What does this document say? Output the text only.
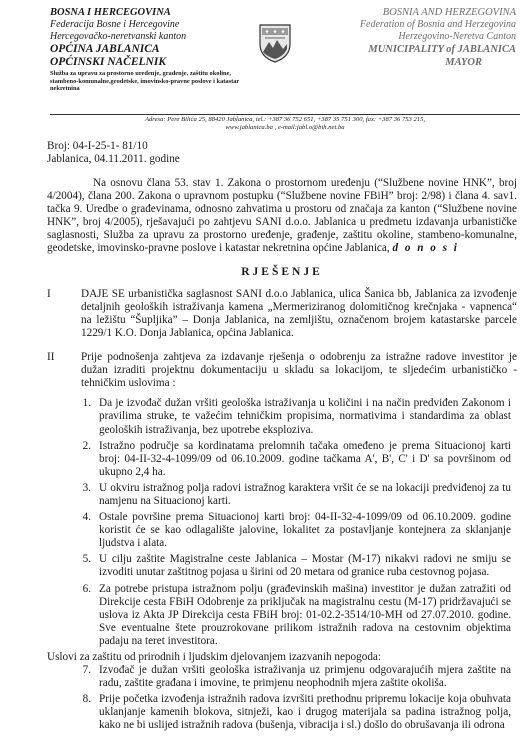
BOSNA I HERCEGOVINA
Federacija Bosne i Hercegovine
Hercegovačko-neretvanski kanton
OPĆINA JABLANICA
OPĆINSKI NAČELNIK
Služba za upravu za prostorno uređenje, građenje, zaštitu okoline, stambeno-komunalne,geodetske, imovinsko-pravne poslove i katastar nekretnina
BOSNIA AND HERZEGOVINA
Federation of Bosnia and Herzegovina
Herzegovino-Neretva Canton
MUNICIPALITY of JABLANICA
MAYOR
Adresa: Pere Bilića 25, 88420 Jablanica, tel.: +387 36 752 651, +387 35 751 300, fax: +387 36 753 215,
www.jablanica.ba , e-mail:jabl.o@bih.net.ba

Broj: 04-I-25-1- 81/10

Jablanica, 04.11.2011. godine

Na osnovu člana 53. stav 1. Zakona o prostornom uređenju (“Službene novine HNK”, broj 4/2004), člana 200. Zakona o upravnom postupku (“Službene novine FBiH” broj: 2/98) i člana 4. sav1. tačka 9. Uredbe o građevinama, odnosno zahvatima u prostoru od značaja za kanton (“Službene novine HNK”, broj 4/2005), rješavajući po zahtjevu SANI d.o.o. Jablanica u predmetu izdavanja urbanističke saglasnosti, Služba za upravu za prostorno uređenje, građenje, zaštitu okoline, stambeno-komunalne, geodetske, imovinsko-pravne poslove i katastar nekretnina općine Jablanica, d o n o s i

RJEŠENJE
I	DAJE SE urbanistička saglasnost SANI d.o.o Jablanica, ulica Šanica bb, Jablanica za izvođenje detaljnih geoloških istraživanja kamena „Mermeriziranog dolomitičnog krečnjaka - vapnenca“ na ležištu “Šupljika” – Donja Jablanica, na zemljištu, označenom brojem katastarske parcele 1229/1 K.O. Donja Jablanica, općina Jablanica.
II	Prije podnošenja zahtjeva za izdavanje rješenja o odobrenju za istražne radove investitor je dužan izraditi projektnu dokumentaciju u skladu sa lokacijom, te sljedećim urbanističko - tehničkim uslovima :
1. Da je izvođač dužan vršiti geološka istraživanja u količini i na način predviđen Zakonom i pravilima struke, te važećim tehničkim propisima, normativima i standardima za oblast geoloških istraživanja, bez upotrebe eksploziva.
2. Istražno područje sa kordinatama prelomnih tačaka omeđeno je prema Situacionoj karti broj: 04-II-32-4-1099/09 od 06.10.2009. godine tačkama A', B', C' i D' sa površinom od ukupno 2,4 ha.
3. U okviru istražnog polja radovi istražnog karaktera vršit će se na lokaciji predviđenoj za tu namjenu na Situacionoj karti.
4. Ostale površine prema Situacionoj karti broj: 04-II-32-4-1099/09 od 06.10.2009. godine koristit će se kao odlagalište jalovine, lokalitet za postavljanje kontejnera za sklanjanje ljudstva i alata.
5. U cilju zaštite Magistralne ceste Jablanica – Mostar (M-17) nikakvi radovi ne smiju se izvoditi unutar zaštitnog pojasa u širini od 20 metara od granice ruba cestovnog pojasa.
6. Za potrebe pristupa istražnom polju (građevinskih mašina) investitor je dužan zatražiti od Direkcije cesta FBiH Odobrenje za priključak na magistralnu cestu (M-17) pridržavajući se uslova iz Akta JP Direkcija cesta FBiH broj: 01-02.2-3514/10-MH od 27.07.2010. godine. Sve eventualne štete prouzrokovane prilikom istražnih radova na cestovnim objektima padaju na teret investitora.

Uslovi za zaštitu od prirodnih i ljudskim djelovanjem izazvanih nepogoda:

7. Izvođač je dužan vršiti geološka istraživanja uz primjenu odgovarajućih mjera zaštite na radu, zaštite građana i imovine, te primjenu neophodnih mjera zaštite okoliša.
8. Prije početka izvođenja istražnih radova izvršiti prethodnu pripremu lokacije koja obuhvata uklanjanje kamenih blokova, sitnježi, kao i drugog materijala sa padina istražnog polja, kako ne bi uslijed istražnih radova (bušenja, vibracija i sl.) došlo do obrušavanja ili odrona
